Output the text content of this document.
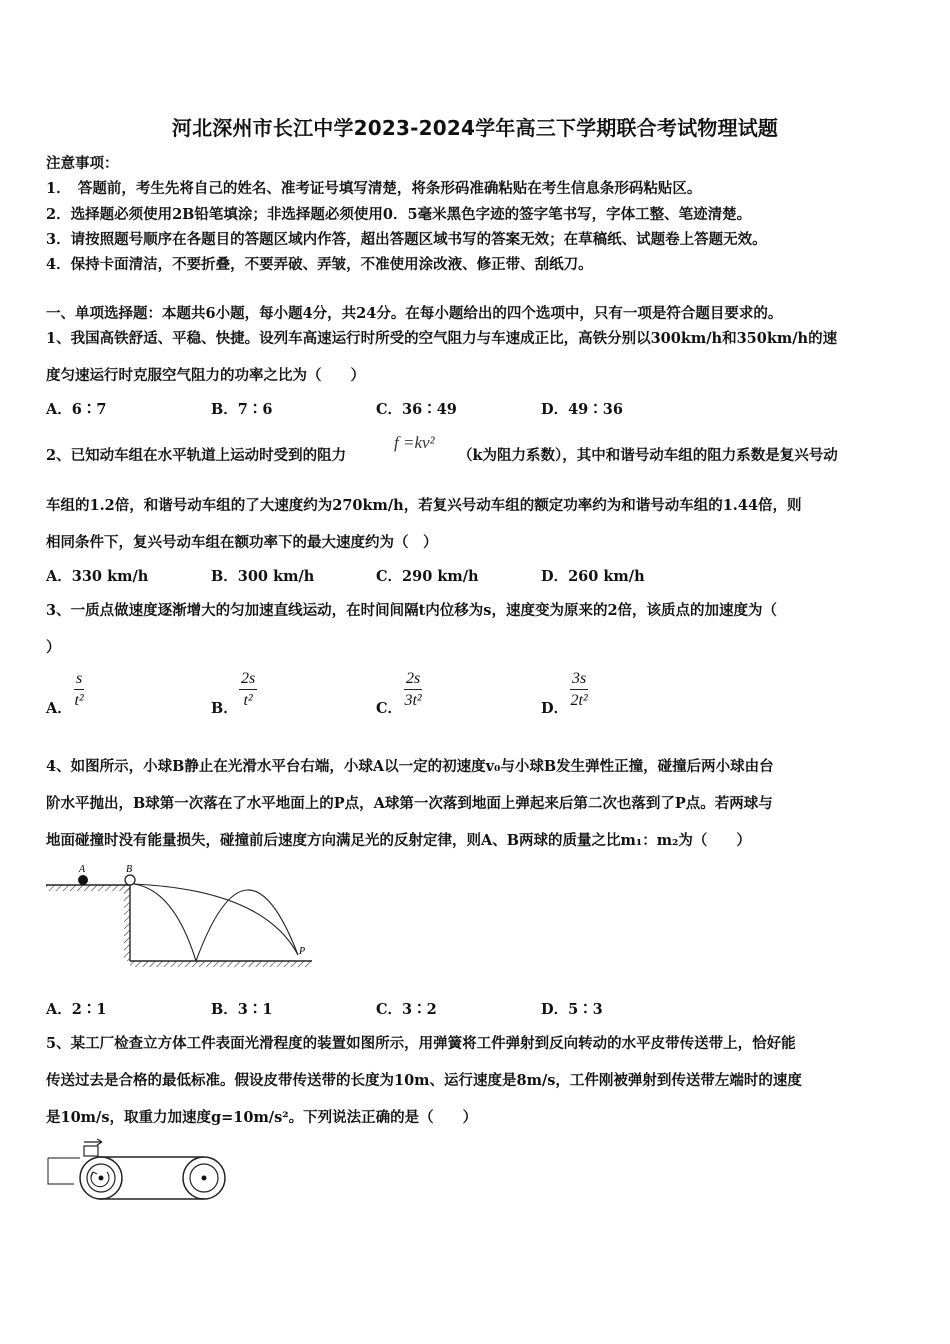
河北深州市长江中学2023-2024学年高三下学期联合考试物理试题
注意事项：
1．　答题前，考生先将自己的姓名、准考证号填写清楚，将条形码准确粘贴在考生信息条形码粘贴区。
2．选择题必须使用2B铅笔填涂；非选择题必须使用0．5毫米黑色字迹的签字笔书写，字体工整、笔迹清楚。
3．请按照题号顺序在各题目的答题区域内作答，超出答题区域书写的答案无效；在草稿纸、试题卷上答题无效。
4．保持卡面清洁，不要折叠，不要弄破、弄皱，不准使用涂改液、修正带、刮纸刀。
一、单项选择题：本题共6小题，每小题4分，共24分。在每小题给出的四个选项中，只有一项是符合题目要求的。
1、我国高铁舒适、平稳、快捷。设列车高速运行时所受的空气阻力与车速成正比，高铁分别以300km/h和350km/h的速
度匀速运行时克服空气阻力的功率之比为（　　）
A．6∶7	B．7∶6	C．36∶49	D．49∶36
2、已知动车组在水平轨道上运动时受到的阻力
f =kv²
（k为阻力系数），其中和谐号动车组的阻力系数是复兴号动
车组的1.2倍，和谐号动车组的了大速度约为270km/h，若复兴号动车组的额定功率约为和谐号动车组的1.44倍，则
相同条件下，复兴号动车组在额功率下的最大速度约为（　）
A．330 km/h	B．300 km/h	C．290 km/h	D．260 km/h
3、一质点做速度逐渐增大的匀加速直线运动，在时间间隔t内位移为s，速度变为原来的2倍，该质点的加速度为（
）
A． $\frac{s}{\text{t²}}$	B． $\frac{2s}{\text{t²}}$	C． $\frac{2s}{\text{3t²}}$	D． $\frac{3s}{\text{2t²}}$
4、如图所示，小球B静止在光滑水平台右端，小球A以一定的初速度v₀与小球B发生弹性正撞，碰撞后两小球由台
阶水平抛出，B球第一次落在了水平地面上的P点，A球第一次落到地面上弹起来后第二次也落到了P点。若两球与
地面碰撞时没有能量损失，碰撞前后速度方向满足光的反射定律，则A、B两球的质量之比m₁：m₂为（　　）
A	B
P
A．2∶1	B．3∶1	C．3∶2	D．5∶3
5、某工厂检查立方体工件表面光滑程度的装置如图所示，用弹簧将工件弹射到反向转动的水平皮带传送带上，恰好能
传送过去是合格的最低标准。假设皮带传送带的长度为10m、运行速度是8m/s，工件刚被弹射到传送带左端时的速度
是10m/s，取重力加速度g=10m/s²。下列说法正确的是（　　）
